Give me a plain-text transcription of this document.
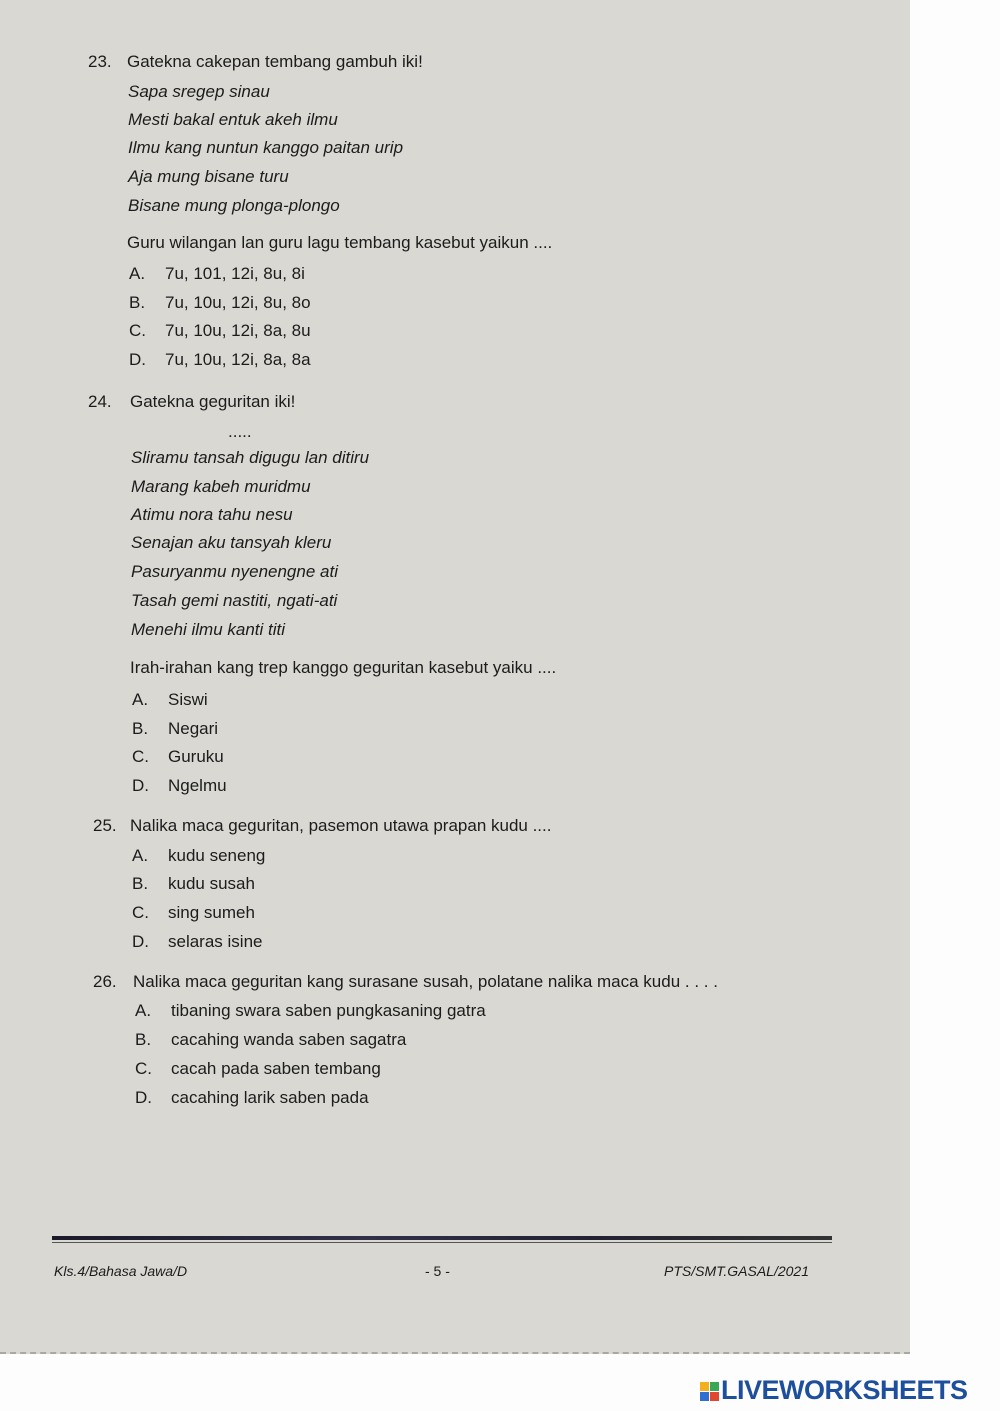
23. Gatekna cakepan tembang gambuh iki!
Sapa sregep sinau
Mesti bakal entuk akeh ilmu
Ilmu kang nuntun kanggo paitan urip
Aja mung bisane turu
Bisane mung plonga-plongo
Guru wilangan lan guru lagu tembang kasebut yaikun ....
A. 7u, 101, 12i, 8u, 8i
B. 7u, 10u, 12i, 8u, 8o
C. 7u, 10u, 12i, 8a, 8u
D. 7u, 10u, 12i, 8a, 8a
24. Gatekna geguritan iki!
.....
Sliramu tansah digugu lan ditiru
Marang kabeh muridmu
Atimu nora tahu nesu
Senajan aku tansyah kleru
Pasuryanmu nyenengne ati
Tasah gemi nastiti, ngati-ati
Menehi ilmu kanti titi
Irah-irahan kang trep kanggo geguritan kasebut yaiku ....
A. Siswi
B. Negari
C. Guruku
D. Ngelmu
25. Nalika maca geguritan, pasemon utawa prapan kudu ....
A. kudu seneng
B. kudu susah
C. sing sumeh
D. selaras isine
26. Nalika maca geguritan kang surasane susah, polatane nalika maca kudu . . . .
A. tibaning swara saben pungkasaning gatra
B. cacahing wanda saben sagatra
C. cacah pada saben tembang
D. cacahing larik saben pada
Kls.4/Bahasa Jawa/D	- 5 -	PTS/SMT.GASAL/2021
LIVEWORKSHEETS
